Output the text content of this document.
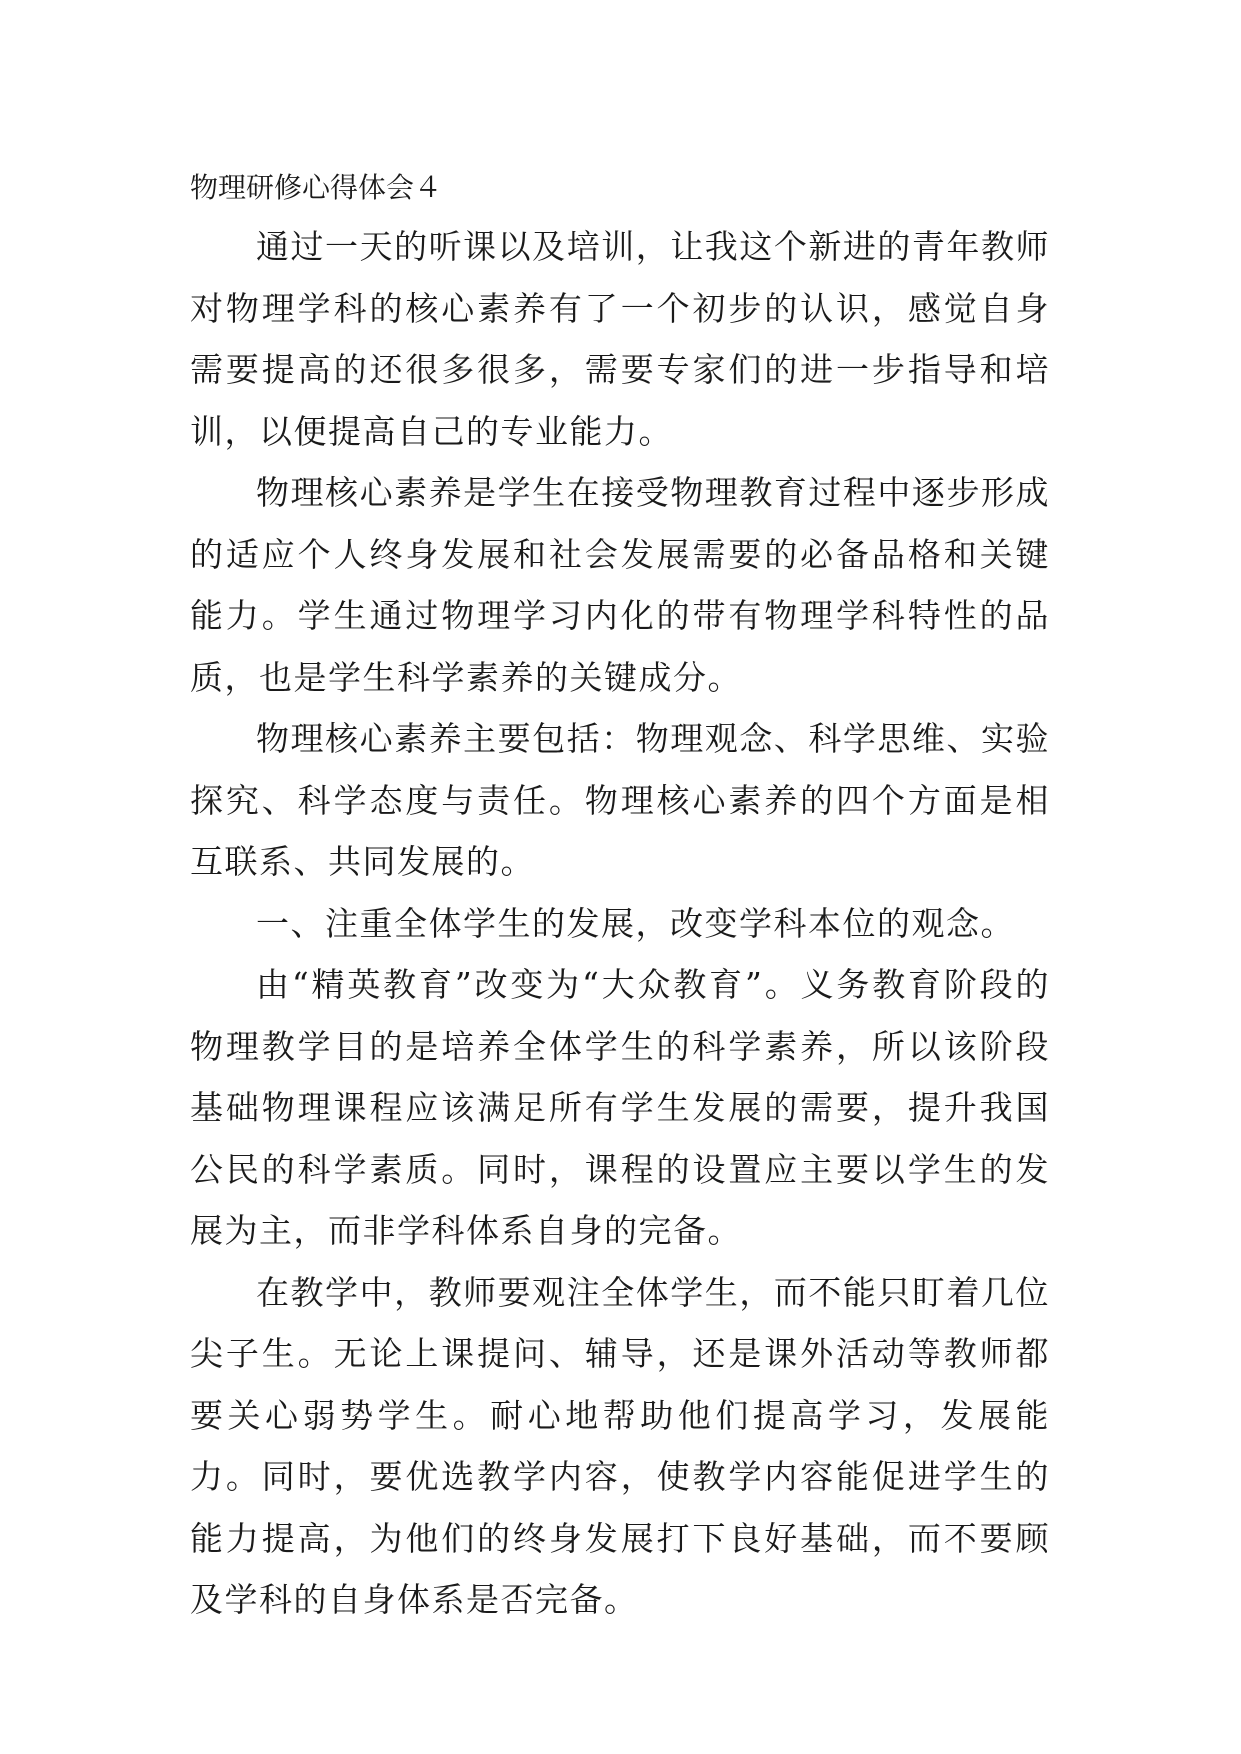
物理研修心得体会４

通过一天的听课以及培训，让我这个新进的青年教师对物理学科的核心素养有了一个初步的认识，感觉自身需要提高的还很多很多，需要专家们的进一步指导和培训，以便提高自己的专业能力。

物理核心素养是学生在接受物理教育过程中逐步形成的适应个人终身发展和社会发展需要的必备品格和关键能力。学生通过物理学习内化的带有物理学科特性的品质，也是学生科学素养的关键成分。

物理核心素养主要包括：物理观念、科学思维、实验探究、科学态度与责任。物理核心素养的四个方面是相互联系、共同发展的。

一、注重全体学生的发展，改变学科本位的观念。

由“精英教育”改变为“大众教育”。义务教育阶段的物理教学目的是培养全体学生的科学素养，所以该阶段基础物理课程应该满足所有学生发展的需要，提升我国公民的科学素质。同时，课程的设置应主要以学生的发展为主，而非学科体系自身的完备。

在教学中，教师要观注全体学生，而不能只盯着几位尖子生。无论上课提问、辅导，还是课外活动等教师都要关心弱势学生。耐心地帮助他们提高学习，发展能力。同时，要优选教学内容，使教学内容能促进学生的能力提高，为他们的终身发展打下良好基础，而不要顾及学科的自身体系是否完备。
